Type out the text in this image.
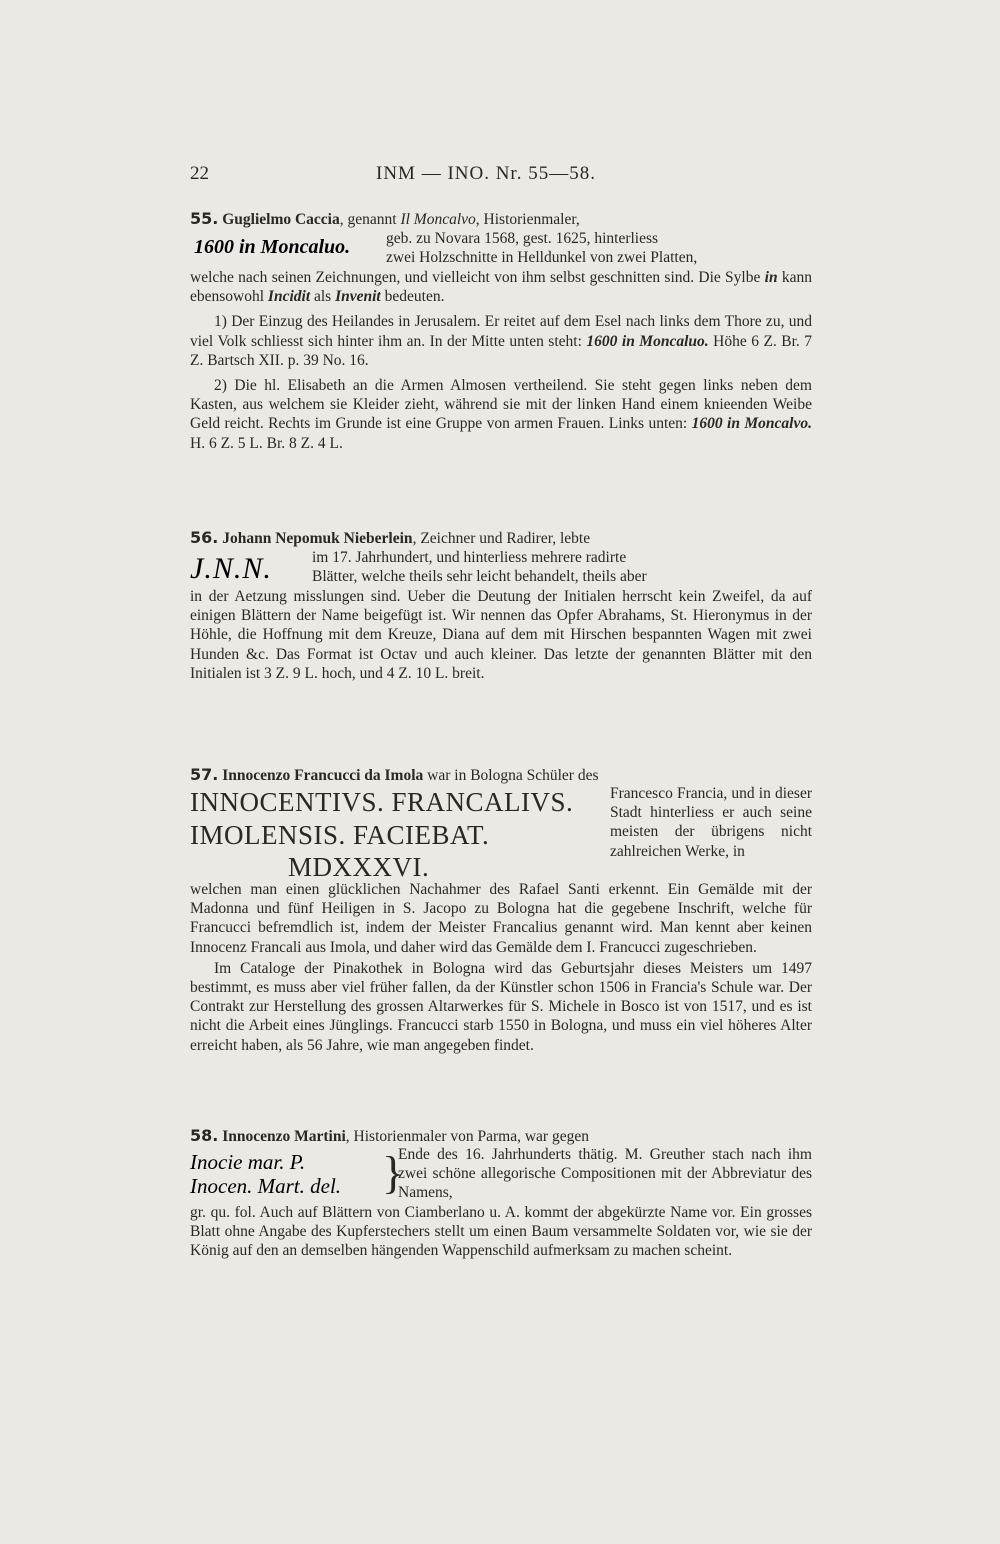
22	INM — INO. Nr. 55—58.

55. Guglielmo Caccia, genannt Il Moncalvo, Historienmaler,

1600 in Moncaluo. geb. zu Novara 1568, gest. 1625, hinterliess
zwei Holzschnitte in Helldunkel von zwei Platten,

welche nach seinen Zeichnungen, und vielleicht von ihm selbst geschnitten sind. Die Sylbe in kann ebensowohl Incidit als Invenit bedeuten.

1) Der Einzug des Heilandes in Jerusalem. Er reitet auf dem Esel nach links dem Thore zu, und viel Volk schliesst sich hinter ihm an. In der Mitte unten steht: 1600 in Moncaluo. Höhe 6 Z. Br. 7 Z. Bartsch XII. p. 39 No. 16.

2) Die hl. Elisabeth an die Armen Almosen vertheilend. Sie steht gegen links neben dem Kasten, aus welchem sie Kleider zieht, während sie mit der linken Hand einem knieenden Weibe Geld reicht. Rechts im Grunde ist eine Gruppe von armen Frauen. Links unten: 1600 in Moncalvo. H. 6 Z. 5 L. Br. 8 Z. 4 L.

56. Johann Nepomuk Nieberlein, Zeichner und Radirer, lebte

J.N.N.	im 17. Jahrhundert, und hinterliess mehrere radirte
Blätter, welche theils sehr leicht behandelt, theils aber

in der Aetzung misslungen sind. Ueber die Deutung der Initialen herrscht kein Zweifel, da auf einigen Blättern der Name beigefügt ist. Wir nennen das Opfer Abrahams, St. Hieronymus in der Höhle, die Hoffnung mit dem Kreuze, Diana auf dem mit Hirschen bespannten Wagen mit zwei Hunden &c. Das Format ist Octav und auch kleiner. Das letzte der genannten Blätter mit den Initialen ist 3 Z. 9 L. hoch, und 4 Z. 10 L. breit.

57. Innocenzo Francucci da Imola war in Bologna Schüler des

INNOCENTIVS. FRANCALIVS.
IMOLENSIS. FACIEBAT.
MDXXXVI.
Francesco Francia, und in dieser Stadt hinterliess er auch seine meisten der übrigens nicht zahlreichen Werke, in

welchen man einen glücklichen Nachahmer des Rafael Santi erkennt. Ein Gemälde mit der Madonna und fünf Heiligen in S. Jacopo zu Bologna hat die gegebene Inschrift, welche für Francucci befremdlich ist, indem der Meister Francalius genannt wird. Man kennt aber keinen Innocenz Francali aus Imola, und daher wird das Gemälde dem I. Francucci zugeschrieben.

Im Cataloge der Pinakothek in Bologna wird das Geburtsjahr dieses Meisters um 1497 bestimmt, es muss aber viel früher fallen, da der Künstler schon 1506 in Francia's Schule war. Der Contrakt zur Herstellung des grossen Altarwerkes für S. Michele in Bosco ist von 1517, und es ist nicht die Arbeit eines Jünglings. Francucci starb 1550 in Bologna, und muss ein viel höheres Alter erreicht haben, als 56 Jahre, wie man angegeben findet.

58. Innocenzo Martini, Historienmaler von Parma, war gegen

Inocie mar. P.
Inocen. Mart. del. }
Ende des 16. Jahrhunderts thätig. M. Greuther stach nach ihm zwei schöne allegorische Compositionen mit der Abbreviatur des Namens,

gr. qu. fol. Auch auf Blättern von Ciamberlano u. A. kommt der abgekürzte Name vor. Ein grosses Blatt ohne Angabe des Kupferstechers stellt um einen Baum versammelte Soldaten vor, wie sie der König auf den an demselben hängenden Wappenschild aufmerksam zu machen scheint.
